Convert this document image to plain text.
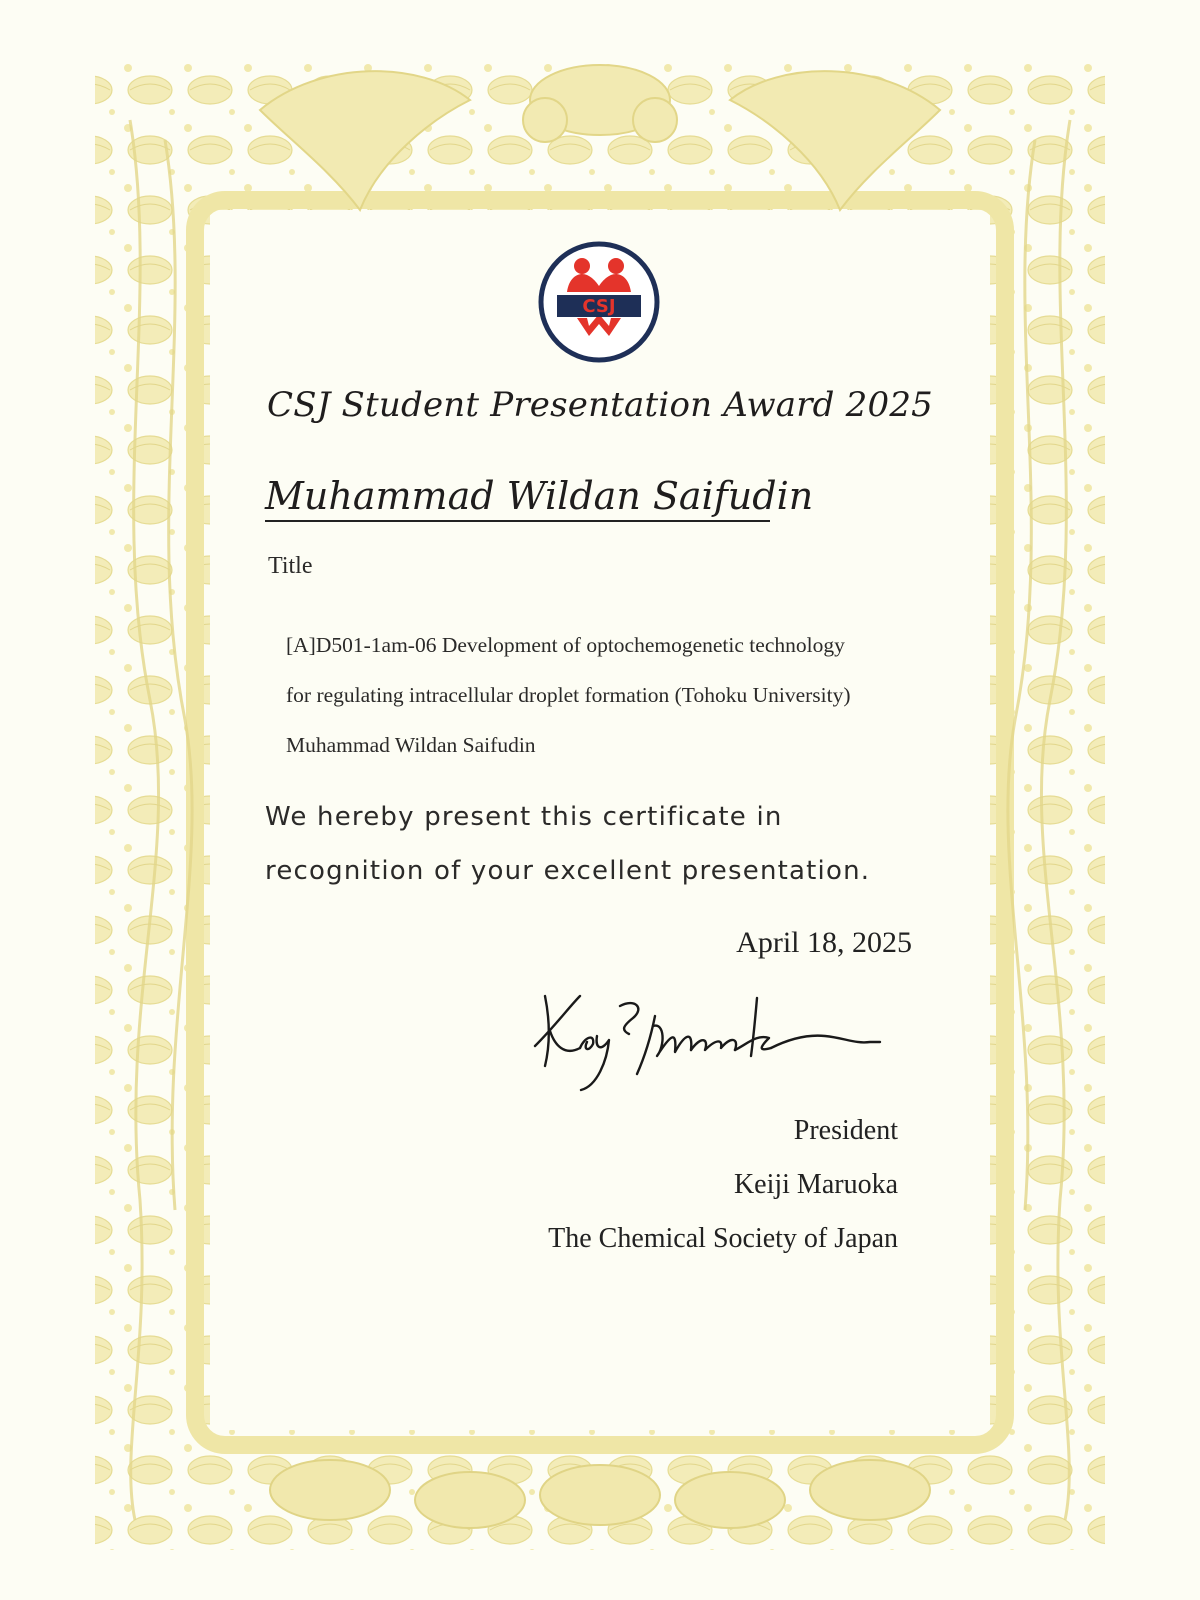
CSJ
CSJ Student Presentation Award 2025
Muhammad Wildan Saifudin
Title
[A]D501-1am-06 Development of optochemogenetic technology
for regulating intracellular droplet formation (Tohoku University)
Muhammad Wildan Saifudin
We hereby present this certificate in
recognition of your excellent presentation.
April 18, 2025
President
Keiji Maruoka
The Chemical Society of Japan
